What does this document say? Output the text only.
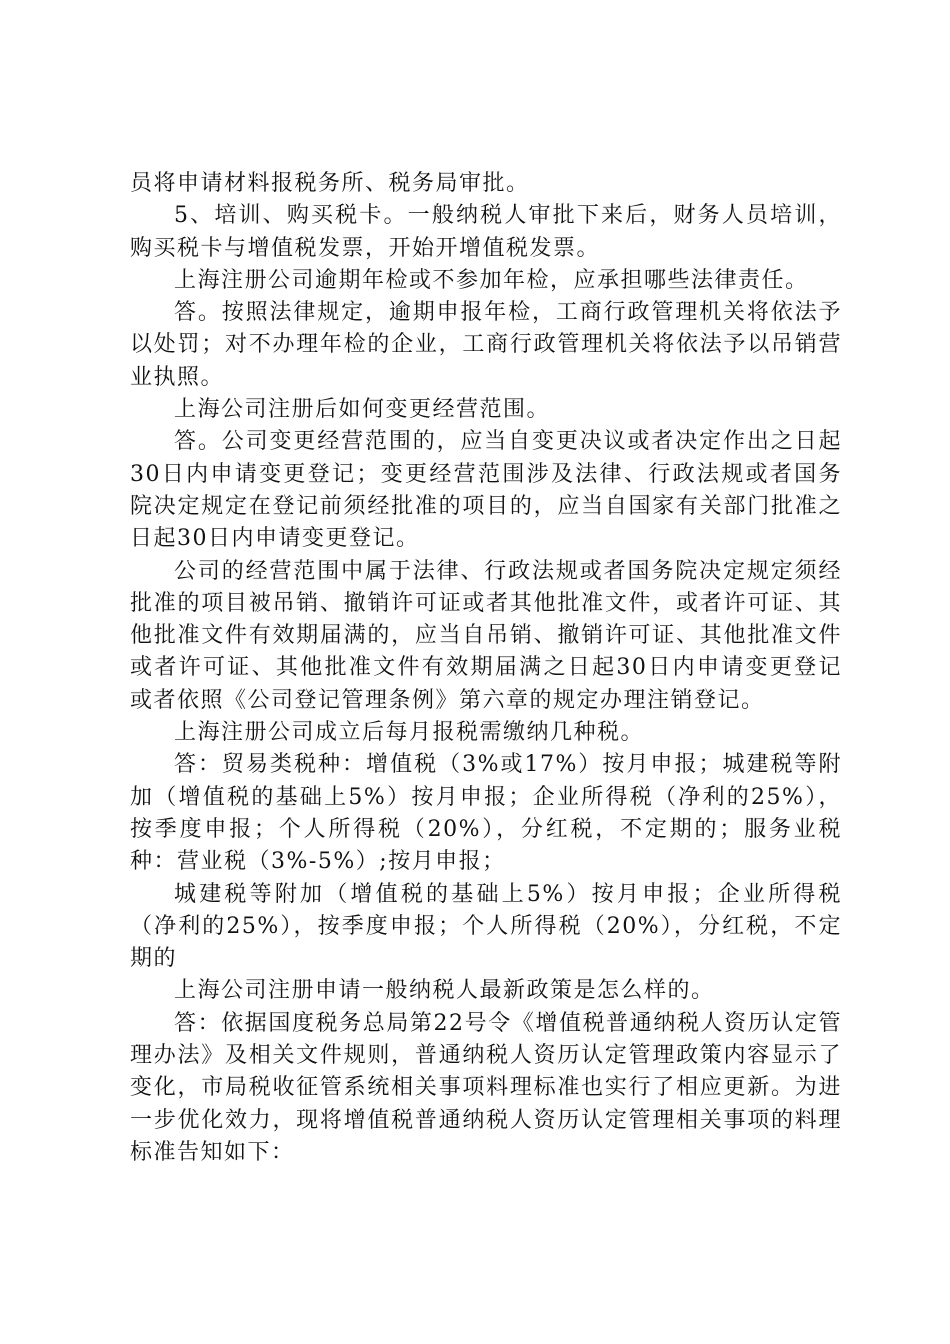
员将申请材料报税务所、税务局审批。

5、培训、购买税卡。一般纳税人审批下来后，财务人员培训，购买税卡与增值税发票，开始开增值税发票。

上海注册公司逾期年检或不参加年检，应承担哪些法律责任。

答。按照法律规定，逾期申报年检，工商行政管理机关将依法予以处罚；对不办理年检的企业，工商行政管理机关将依法予以吊销营业执照。

上海公司注册后如何变更经营范围。

答。公司变更经营范围的，应当自变更决议或者决定作出之日起30日内申请变更登记；变更经营范围涉及法律、行政法规或者国务院决定规定在登记前须经批准的项目的，应当自国家有关部门批准之日起30日内申请变更登记。

公司的经营范围中属于法律、行政法规或者国务院决定规定须经批准的项目被吊销、撤销许可证或者其他批准文件，或者许可证、其他批准文件有效期届满的，应当自吊销、撤销许可证、其他批准文件或者许可证、其他批准文件有效期届满之日起30日内申请变更登记或者依照《公司登记管理条例》第六章的规定办理注销登记。

上海注册公司成立后每月报税需缴纳几种税。

答：贸易类税种：增值税（3%或17%）按月申报；城建税等附加（增值税的基础上5%）按月申报；企业所得税（净利的25%），按季度申报；个人所得税（20%），分红税，不定期的；服务业税种：营业税（3%-5%）;按月申报；

城建税等附加（增值税的基础上5%）按月申报；企业所得税（净利的25%），按季度申报；个人所得税（20%），分红税，不定期的

上海公司注册申请一般纳税人最新政策是怎么样的。

答：依据国度税务总局第22号令《增值税普通纳税人资历认定管理办法》及相关文件规则，普通纳税人资历认定管理政策内容显示了变化，市局税收征管系统相关事项料理标准也实行了相应更新。为进一步优化效力，现将增值税普通纳税人资历认定管理相关事项的料理标准告知如下：
